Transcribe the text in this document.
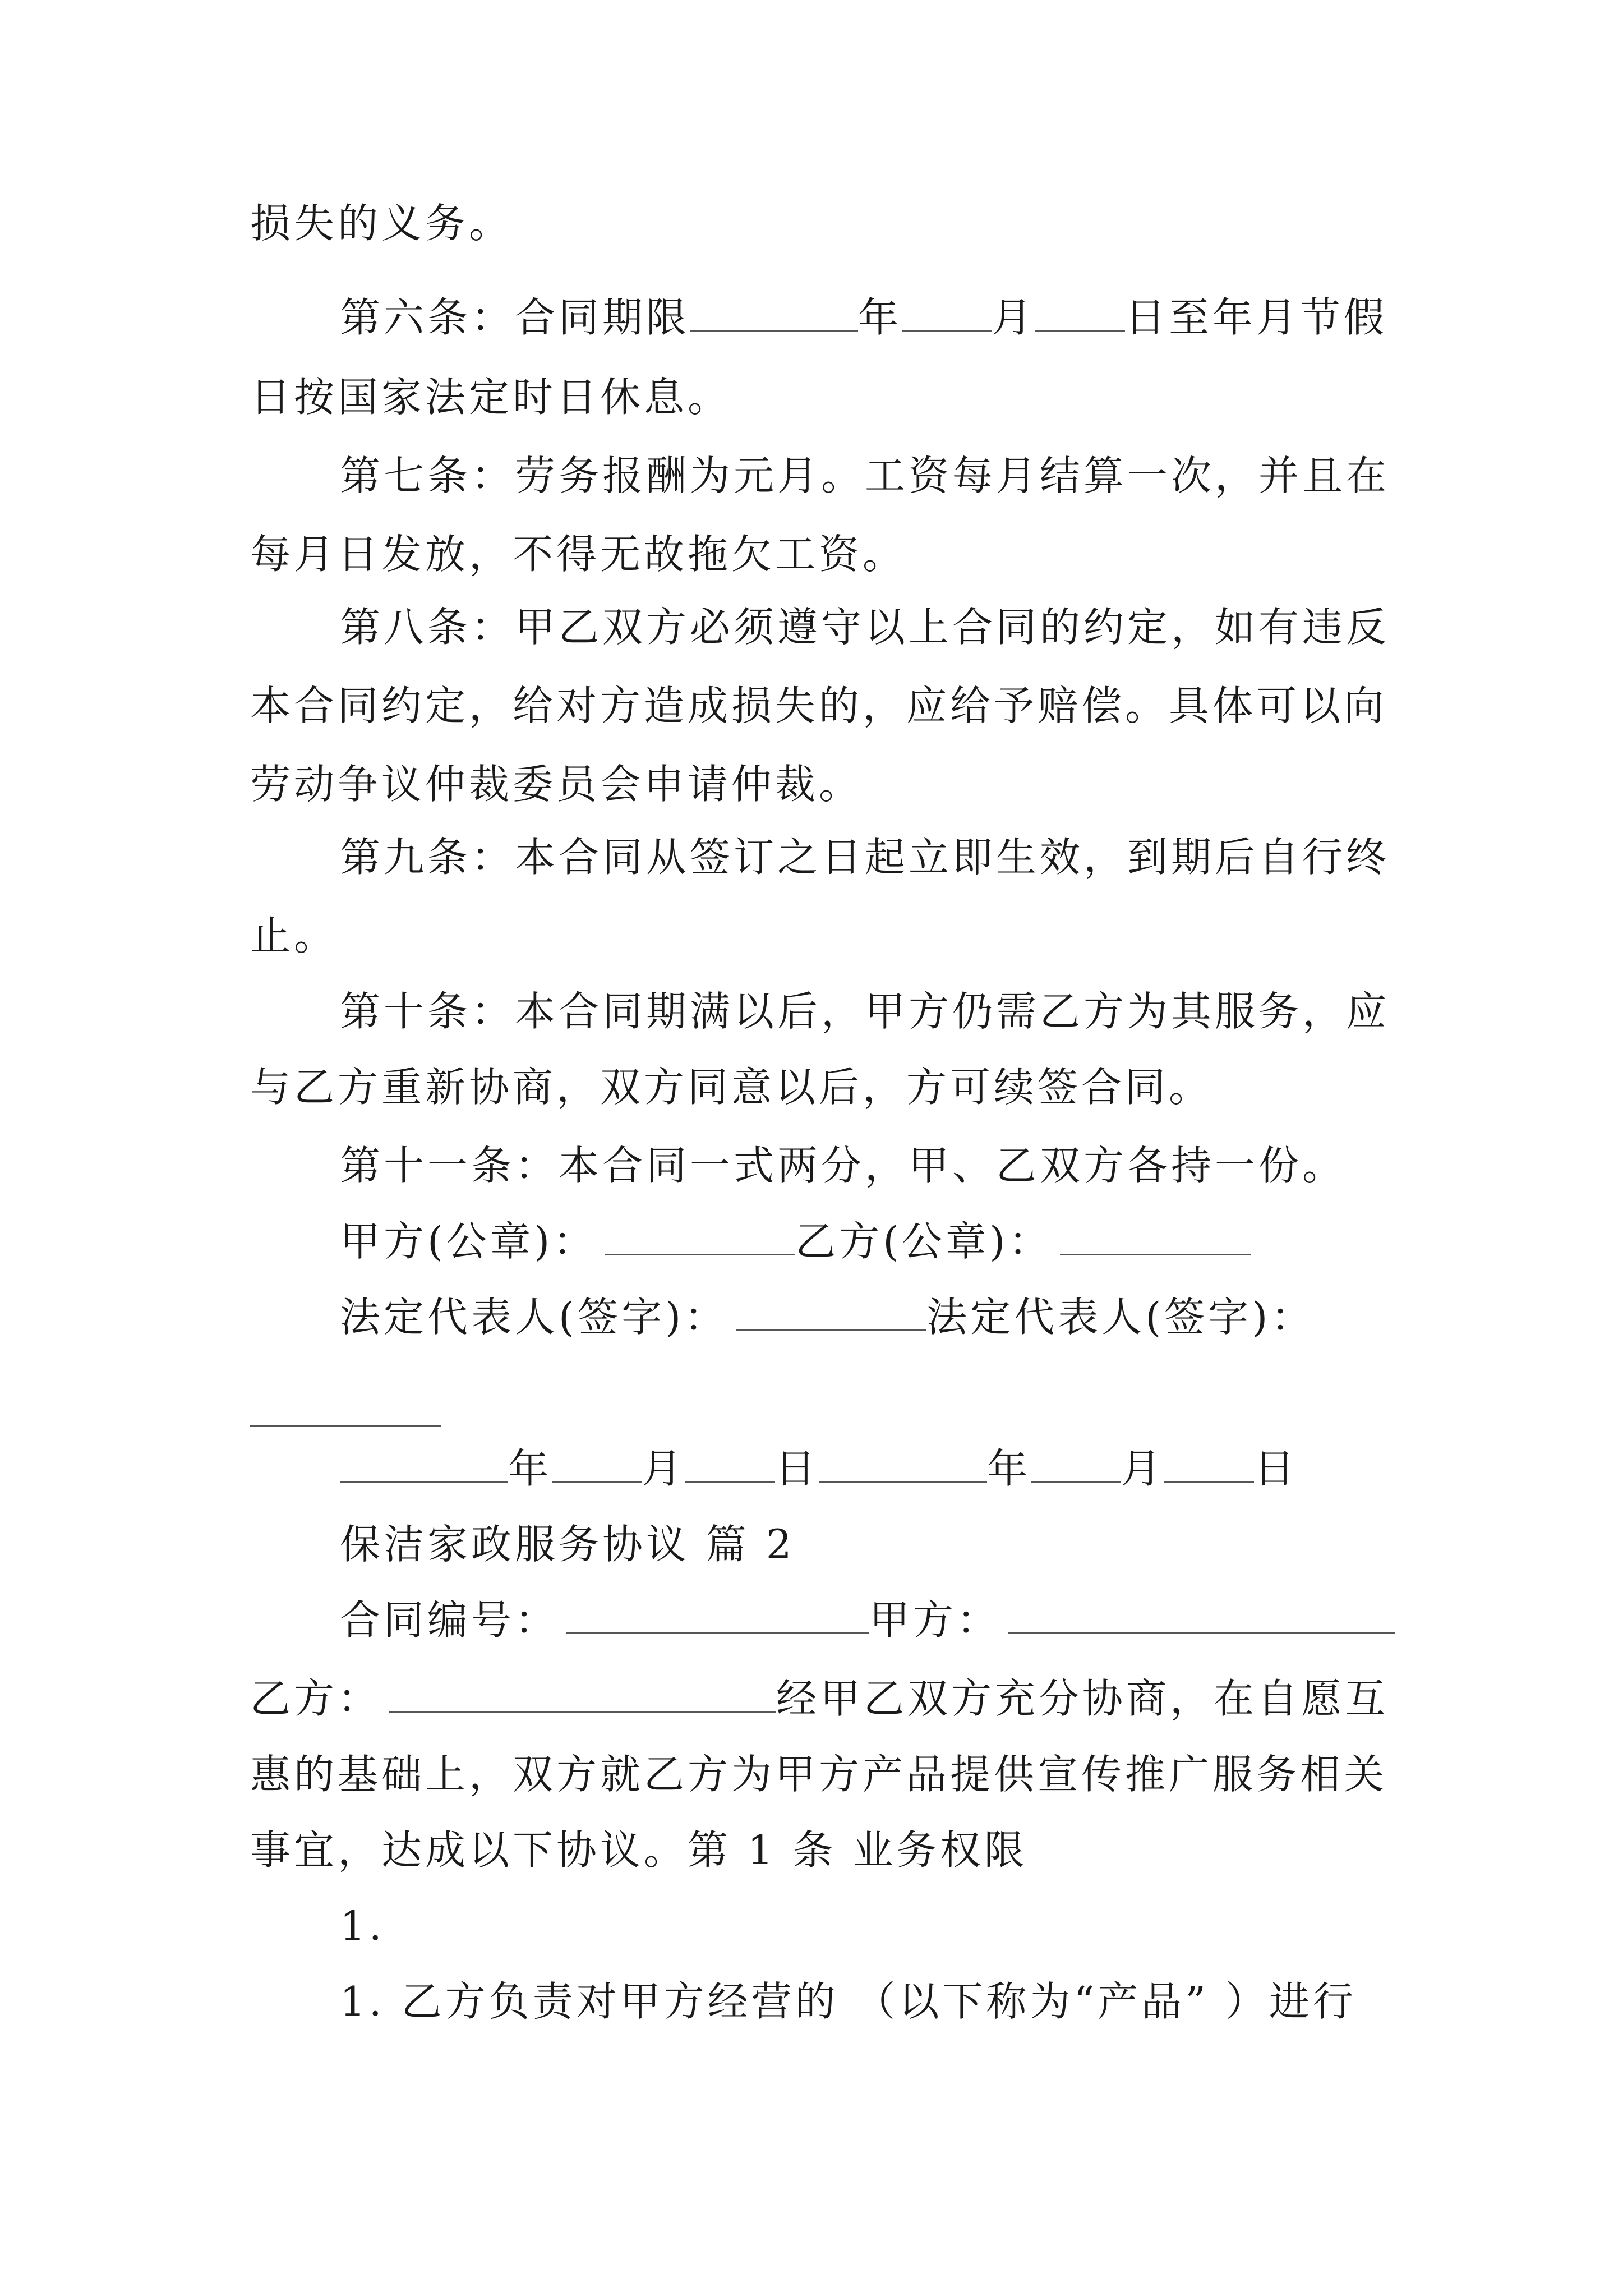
损失的义务。
第六条：合同期限	年 月 日至年月节假
日按国家法定时日休息。
第七条：劳务报酬为元月。工资每月结算一次，并且在
每月日发放，不得无故拖欠工资。
第八条：甲乙双方必须遵守以上合同的约定，如有违反
本合同约定，给对方造成损失的，应给予赔偿。具体可以向
劳动争议仲裁委员会申请仲裁。
第九条：本合同从签订之日起立即生效，到期后自行终
止。
第十条：本合同期满以后，甲方仍需乙方为其服务，应
与乙方重新协商，双方同意以后，方可续签合同。
第十一条：本合同一式两分，甲、乙双方各持一份。
甲方(公章)：	乙方(公章)：
法定代表人(签字)：	法定代表人(签字)：
年 月 日	年 月 日
保洁家政服务协议 篇 2
合同编号：	甲方：
乙方：	经甲乙双方充分协商，在自愿互
惠的基础上，双方就乙方为甲方产品提供宣传推广服务相关
事宜，达成以下协议。第 1 条 业务权限
1.
1. 乙方负责对甲方经营的 （以下称为“产品” ）进行
